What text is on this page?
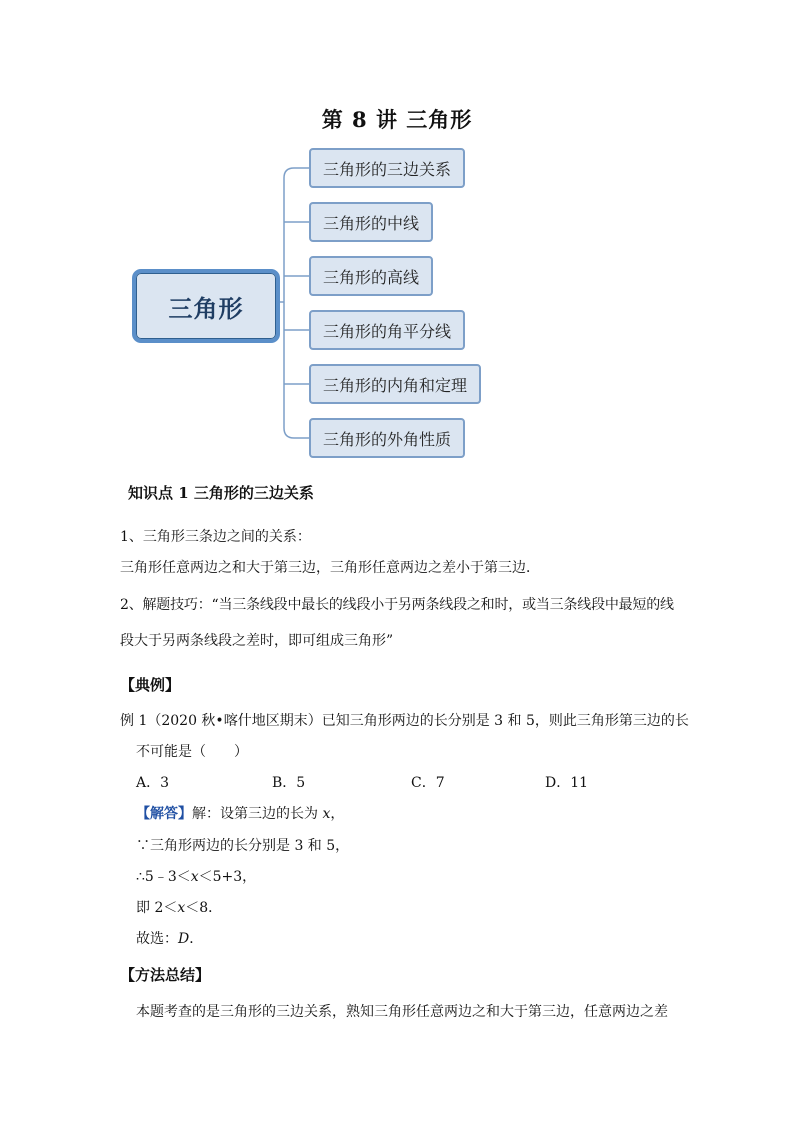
第 8 讲 三角形
三角形
三角形的三边关系
三角形的中线
三角形的高线
三角形的角平分线
三角形的内角和定理
三角形的外角性质
知识点 1 三角形的三边关系
1、三角形三条边之间的关系：
三角形任意两边之和大于第三边，三角形任意两边之差小于第三边．
2、解题技巧：“当三条线段中最长的线段小于另两条线段之和时，或当三条线段中最短的线
段大于另两条线段之差时，即可组成三角形”
【典例】
例 1（2020 秋•喀什地区期末）已知三角形两边的长分别是 3 和 5，则此三角形第三边的长
不可能是（　　）
A．3	B．5	C．7	D．11
【解答】解：设第三边的长为 x，
∵三角形两边的长分别是 3 和 5，
∴5﹣3＜x＜5+3，
即 2＜x＜8．
故选：D．
【方法总结】
本题考查的是三角形的三边关系，熟知三角形任意两边之和大于第三边，任意两边之差
